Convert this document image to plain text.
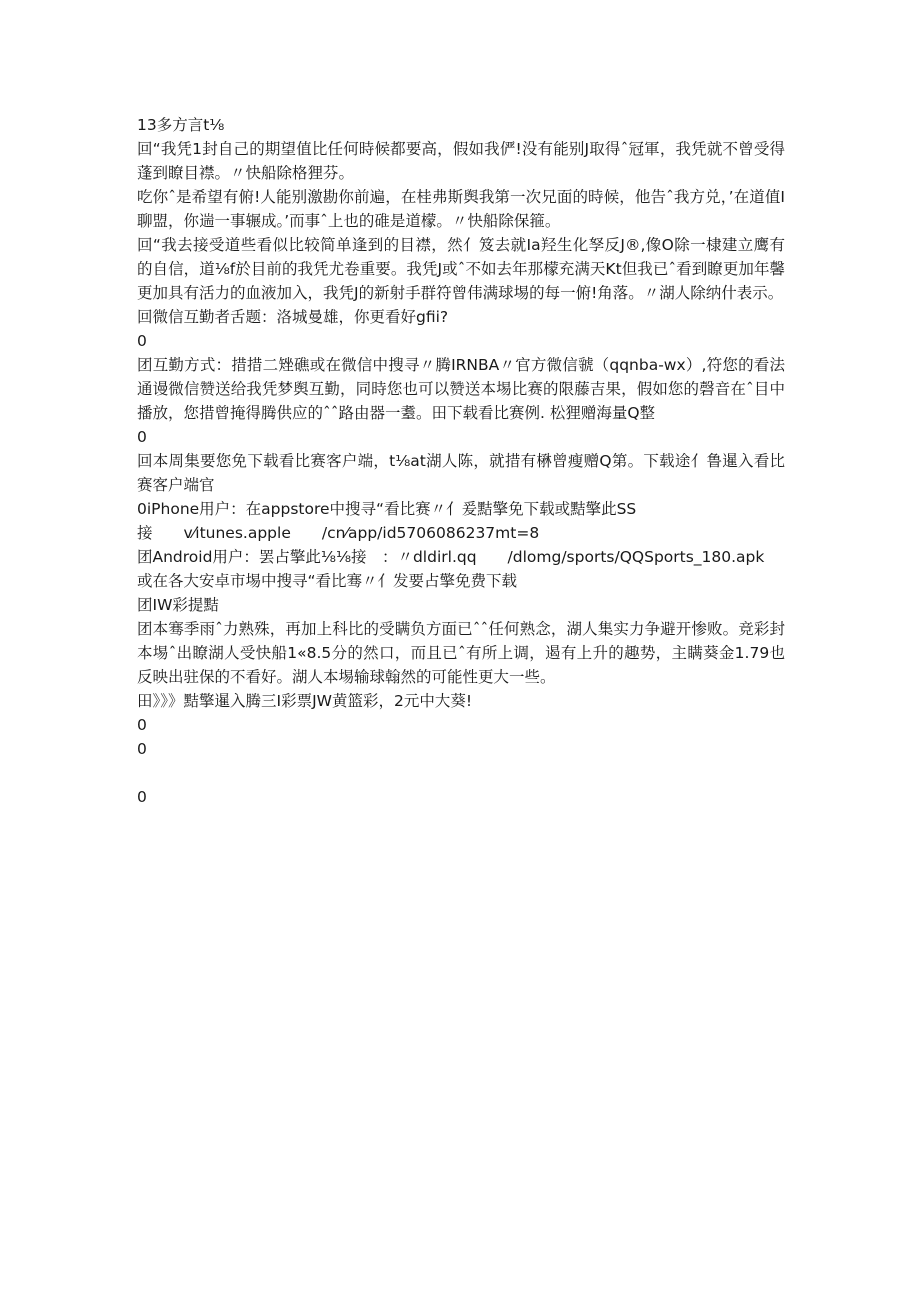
13多方言t⅛

回“我凭1封自己的期望值比任何時候都要高，假如我俨!没有能别J取得ˆ冠軍，我凭就不曾受得蓬到瞭目襟。〃快船除格狸芬。

吃你ˆ是希望有俯!人能别激勘你前遍，在桂弗斯舆我第一次兄面的時候，他告ˆ我方兑，’在道值I聊盟，你遄一事辗成。’而事ˆ上也的碓是道檬。〃快船除保箍。

回“我去接受道些看似比较简单逢到的目襟，然亻笈去就Ia羟生化孥反J®,像O除一棣建立鹰有的自信，道⅛f於目前的我凭尤卷重要。我凭J或ˆ不如去年那檬充满天Kt但我已ˆ看到瞭更加年馨更加具有活力的血液加入，我凭J的新射手群符曾伟满球埸的每一俯!角落。〃湖人除纳什表示。

回微信互勤者舌题：洛城曼雄，你更看好gfii?

0

团互勤方式：措措二矬礁或在微信中搜寻〃腾IRNBA〃官方微信虢（qqnba-wx）,符您的看法通谩微信赞送给我凭梦舆互勤，同時您也可以赞送本埸比赛的限藤吉果，假如您的磬音在ˆ目中播放，您措曾掩得腾供应的ˆˆ路由器一耋。田下载看比赛例. 松狸赠海量Q整

0

回本周集要您免下载看比赛客户端，t⅛at湖人陈，就措有楙曾瘦赠Q第。下载途亻鲁暹入看比赛客户端官

0iPhone用户：在appstore中搜寻“看比赛〃亻爰黠擎免下载或黠擎此SS

接　　v⁄itunes.apple　　/cn⁄app/id5706086237mt=8

团Android用户：罢占擎此⅛⅛接　：〃dldirl.qq　　/dlomg/sports/QQSports_180.apk

或在各大安卓市埸中搜寻“看比骞〃亻发要占擎免费下载

团IW彩提黠

团本骞季雨ˆ力熟殊，再加上科比的受瞒负方面已ˆˆ任何熟念，湖人集实力争避开惨败。竞彩封本埸ˆ出瞭湖人受快船1«8.5分的然口，而且已ˆ有所上调，遏有上升的趣势，主瞒葵金1.79也反映出驻保的不看好。湖人本埸输球翰然的可能性更大一些。

田》》》黠擎暹入腾三I彩票JW黄篮彩，2元中大葵!

0

0

0
